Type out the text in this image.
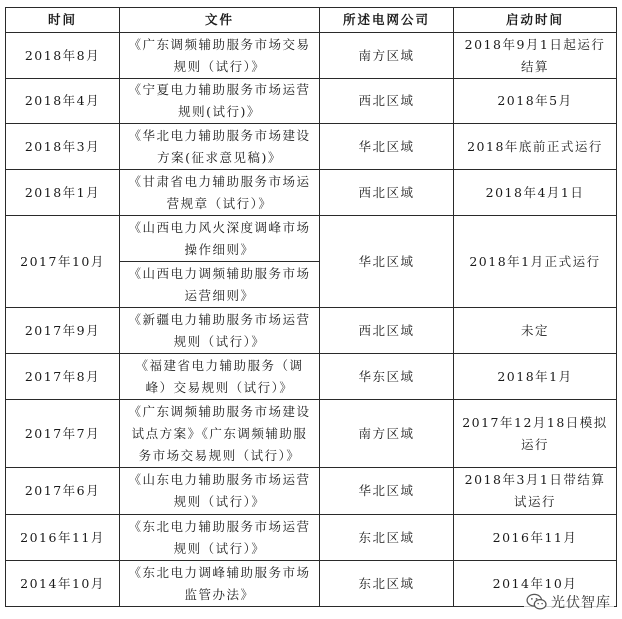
时间	文件	所述电网公司	启动时间
2018年8月	《广东调频辅助服务市场交易规则（试行）》	南方区域	2018年9月1日起运行结算
2018年4月	《宁夏电力辅助服务市场运营规则(试行)》	西北区域	2018年5月
2018年3月	《华北电力辅助服务市场建设方案(征求意见稿)》	华北区域	2018年底前正式运行
2018年1月	《甘肃省电力辅助服务市场运营规章（试行）》	西北区域	2018年4月1日
2017年10月	《山西电力风火深度调峰市场操作细则》	华北区域	2018年1月正式运行
	《山西电力调频辅助服务市场运营细则》		
2017年9月	《新疆电力辅助服务市场运营规则（试行）》	西北区域	未定
2017年8月	《福建省电力辅助服务（调峰）交易规则（试行）》	华东区域	2018年1月
2017年7月	《广东调频辅助服务市场建设试点方案》《广东调频辅助服务市场交易规则（试行）》	南方区域	2017年12月18日模拟运行
2017年6月	《山东电力辅助服务市场运营规则（试行）》	华北区域	2018年3月1日带结算试运行
2016年11月	《东北电力辅助服务市场运营规则（试行）》	东北区域	2016年11月
2014年10月	《东北电力调峰辅助服务市场监管办法》	东北区域	2014年10月
光伏智库
